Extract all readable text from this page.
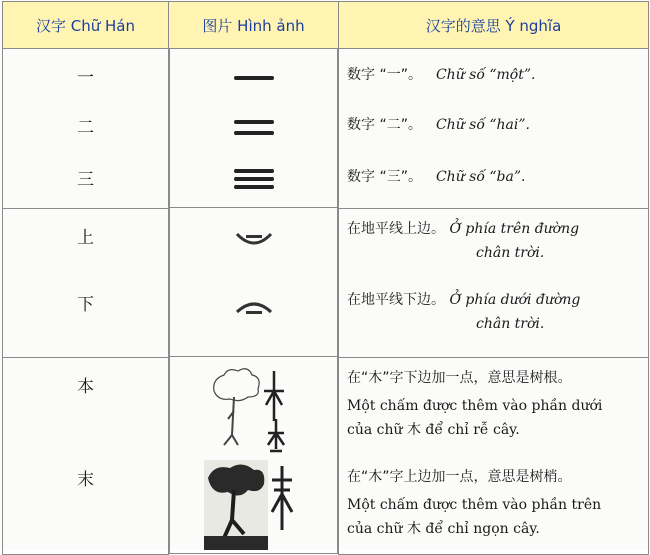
汉字 Chữ Hán	图片 Hình ảnh	汉字的意思 Ý nghĩa

一	数字 “一”。 Chữ số “một”.

二	数字 “二”。 Chữ số “hai”.

三	数字 “三”。 Chữ số “ba”.

上	在地平线上边。 Ở phía trên đường
chân trời.

下	在地平线下边。 Ở phía dưới đường
chân trời.

本	在“木”字下边加一点，意思是树根。
Một chấm được thêm vào phần dưới
của chữ 木 để chỉ rễ cây.

末	在“木”字上边加一点，意思是树梢。
Một chấm được thêm vào phần trên
của chữ 木 để chỉ ngọn cây.
